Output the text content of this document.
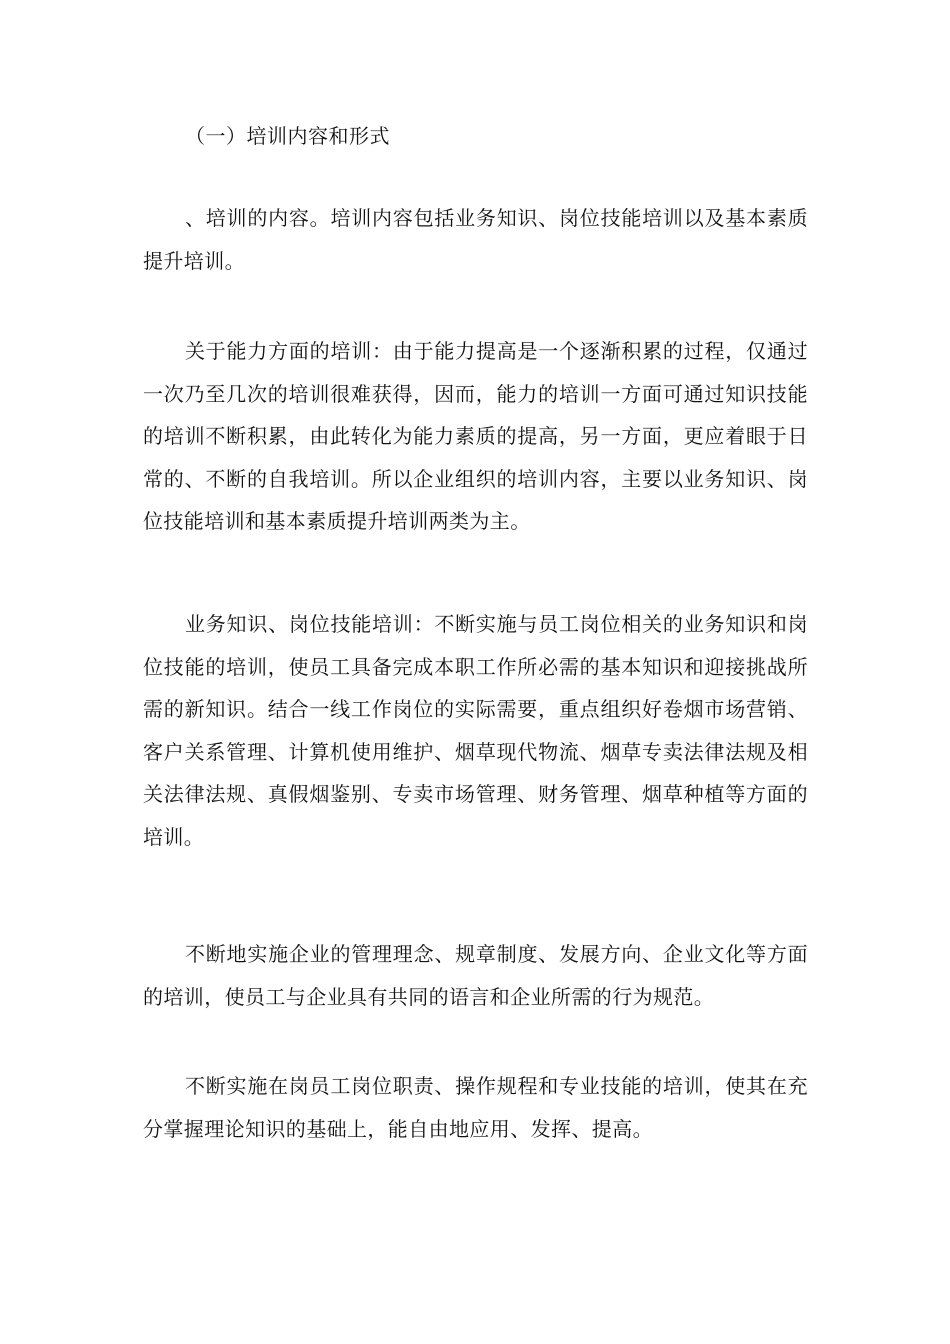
（一）培训内容和形式

、培训的内容。培训内容包括业务知识、岗位技能培训以及基本素质提升培训。

关于能力方面的培训：由于能力提高是一个逐渐积累的过程，仅通过一次乃至几次的培训很难获得，因而，能力的培训一方面可通过知识技能的培训不断积累，由此转化为能力素质的提高，另一方面，更应着眼于日常的、不断的自我培训。所以企业组织的培训内容，主要以业务知识、岗位技能培训和基本素质提升培训两类为主。

业务知识、岗位技能培训：不断实施与员工岗位相关的业务知识和岗位技能的培训，使员工具备完成本职工作所必需的基本知识和迎接挑战所需的新知识。结合一线工作岗位的实际需要，重点组织好卷烟市场营销、客户关系管理、计算机使用维护、烟草现代物流、烟草专卖法律法规及相关法律法规、真假烟鉴别、专卖市场管理、财务管理、烟草种植等方面的培训。

不断地实施企业的管理理念、规章制度、发展方向、企业文化等方面的培训，使员工与企业具有共同的语言和企业所需的行为规范。

不断实施在岗员工岗位职责、操作规程和专业技能的培训，使其在充分掌握理论知识的基础上，能自由地应用、发挥、提高。
